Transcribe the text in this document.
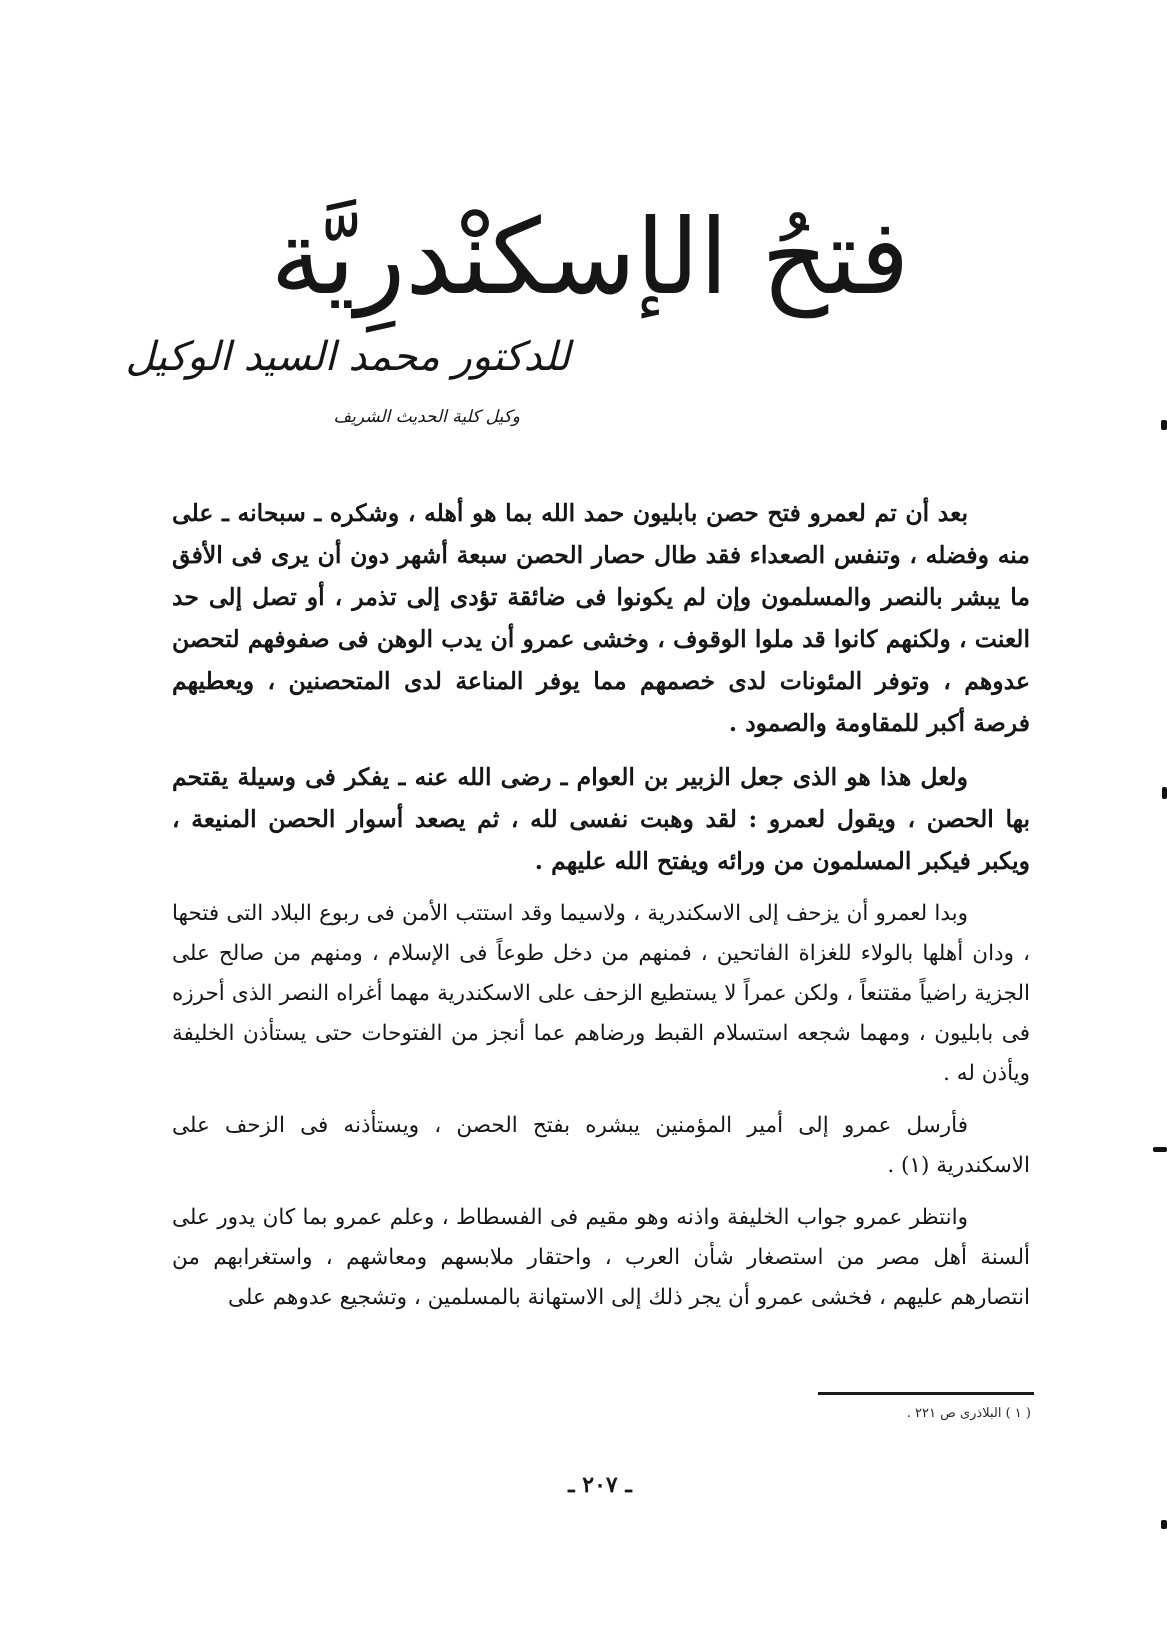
فتحُ الإسكنْدرِيَّة

للدكتور محمد السيد الوكيل

وكيل كلية الحديث الشريف

بعد أن تم لعمرو فتح حصن بابليون حمد الله بما هو أهله ، وشكره ـ سبحانه ـ على منه وفضله ، وتنفس الصعداء فقد طال حصار الحصن سبعة أشهر دون أن يرى فى الأفق ما يبشر بالنصر والمسلمون وإن لم يكونوا فى ضائقة تؤدى إلى تذمر ، أو تصل إلى حد العنت ، ولكنهم كانوا قد ملوا الوقوف ، وخشى عمرو أن يدب الوهن فى صفوفهم لتحصن عدوهم ، وتوفر المئونات لدى خصمهم مما يوفر المناعة لدى المتحصنين ، ويعطيهم فرصة أكبر للمقاومة والصمود .

ولعل هذا هو الذى جعل الزبير بن العوام ـ رضى الله عنه ـ يفكر فى وسيلة يقتحم بها الحصن ، ويقول لعمرو : لقد وهبت نفسى لله ، ثم يصعد أسوار الحصن المنيعة ، ويكبر فيكبر المسلمون من ورائه ويفتح الله عليهم .

وبدا لعمرو أن يزحف إلى الاسكندرية ، ولاسيما وقد استتب الأمن فى ربوع البلاد التى فتحها ، ودان أهلها بالولاء للغزاة الفاتحين ، فمنهم من دخل طوعاً فى الإسلام ، ومنهم من صالح على الجزية راضياً مقتنعاً ، ولكن عمراً لا يستطيع الزحف على الاسكندرية مهما أغراه النصر الذى أحرزه فى بابليون ، ومهما شجعه استسلام القبط ورضاهم عما أنجز من الفتوحات حتى يستأذن الخليفة ويأذن له .

فأرسل عمرو إلى أمير المؤمنين يبشره بفتح الحصن ، ويستأذنه فى الزحف على الاسكندرية (١) .

وانتظر عمرو جواب الخليفة واذنه وهو مقيم فى الفسطاط ، وعلم عمرو بما كان يدور على ألسنة أهل مصر من استصغار شأن العرب ، واحتقار ملابسهم ومعاشهم ، واستغرابهم من انتصارهم عليهم ، فخشى عمرو أن يجر ذلك إلى الاستهانة بالمسلمين ، وتشجيع عدوهم على

( ١ ) البلاذرى ص ٢٢١ .

ـ ٢٠٧ ـ
